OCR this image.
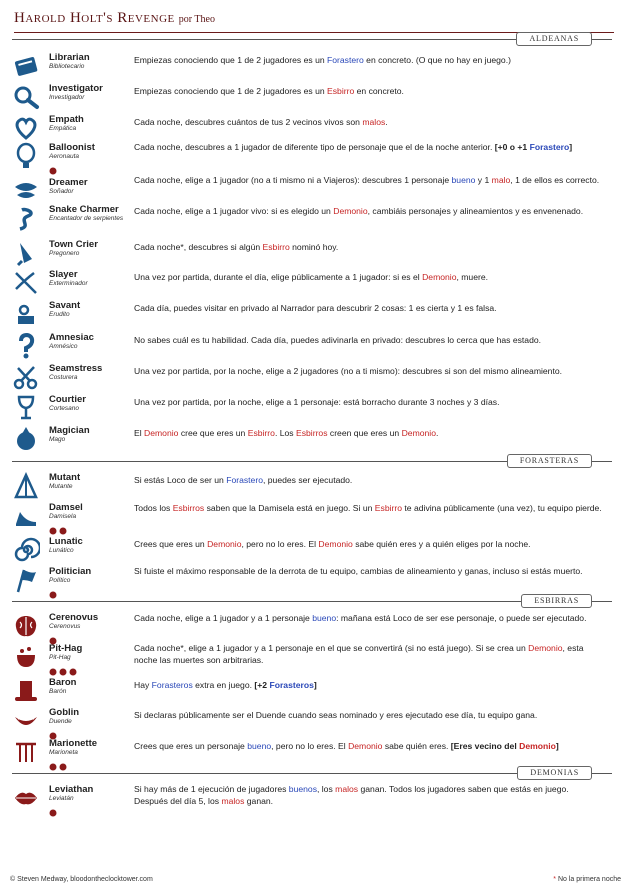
Harold Holt's Revenge por Theo
ALDEANAS
FORASTERAS
ESBIRRAS
DEMONIAS
Librarian
Bibliotecario
Empiezas conociendo que 1 de 2 jugadores es un Forastero en concreto. (O que no hay en juego.)
Investigator
Investigador
Empiezas conociendo que 1 de 2 jugadores es un Esbirro en concreto.
Empath
Empática
Cada noche, descubres cuántos de tus 2 vecinos vivos son malos.
Balloonist
Aeronauta
Cada noche, descubres a 1 jugador de diferente tipo de personaje que el de la noche anterior. [+0 o +1 Forastero]
Dreamer
Soñador
Cada noche, elige a 1 jugador (no a ti mismo ni a Viajeros): descubres 1 personaje bueno y 1 malo, 1 de ellos es correcto.
Snake Charmer
Encantador de serpientes
Cada noche, elige a 1 jugador vivo: si es elegido un Demonio, cambiáis personajes y alineamientos y es envenenado.
Town Crier
Pregonero
Cada noche*, descubres si algún Esbirro nominó hoy.
Slayer
Exterminador
Una vez por partida, durante el día, elige públicamente a 1 jugador: si es el Demonio, muere.
Savant
Erudito
Cada día, puedes visitar en privado al Narrador para descubrir 2 cosas: 1 es cierta y 1 es falsa.
Amnesiac
Amnésico
No sabes cuál es tu habilidad. Cada día, puedes adivinarla en privado: descubres lo cerca que has estado.
Seamstress
Costurera
Una vez por partida, por la noche, elige a 2 jugadores (no a ti mismo): descubres si son del mismo alineamiento.
Courtier
Cortesano
Una vez por partida, por la noche, elige a 1 personaje: está borracho durante 3 noches y 3 días.
Magician
Mago
El Demonio cree que eres un Esbirro. Los Esbirros creen que eres un Demonio.
Mutant
Mutante
Si estás Loco de ser un Forastero, puedes ser ejecutado.
Damsel
Damisela
Todos los Esbirros saben que la Damisela está en juego. Si un Esbirro te adivina públicamente (una vez), tu equipo pierde.
Lunatic
Lunático
Crees que eres un Demonio, pero no lo eres. El Demonio sabe quién eres y a quién eliges por la noche.
Politician
Político
Si fuiste el máximo responsable de la derrota de tu equipo, cambias de alineamiento y ganas, incluso si estás muerto.
Cerenovus
Cerenovus
Cada noche, elige a 1 jugador y a 1 personaje bueno: mañana está Loco de ser ese personaje, o puede ser ejecutado.
Pit-Hag
Pit-Hag
Cada noche*, elige a 1 jugador y a 1 personaje en el que se convertirá (si no está juego). Si se crea un Demonio, esta noche las muertes son arbitrarias.
Baron
Barón
Hay Forasteros extra en juego. [+2 Forasteros]
Goblin
Duende
Si declaras públicamente ser el Duende cuando seas nominado y eres ejecutado ese día, tu equipo gana.
Marionette
Marioneta
Crees que eres un personaje bueno, pero no lo eres. El Demonio sabe quién eres. [Eres vecino del Demonio]
Leviathan
Leviatán
Si hay más de 1 ejecución de jugadores buenos, los malos ganan. Todos los jugadores saben que estás en juego. Después del día 5, los malos ganan.
© Steven Medway, bloodontheclocktower.com	* No la primera noche
